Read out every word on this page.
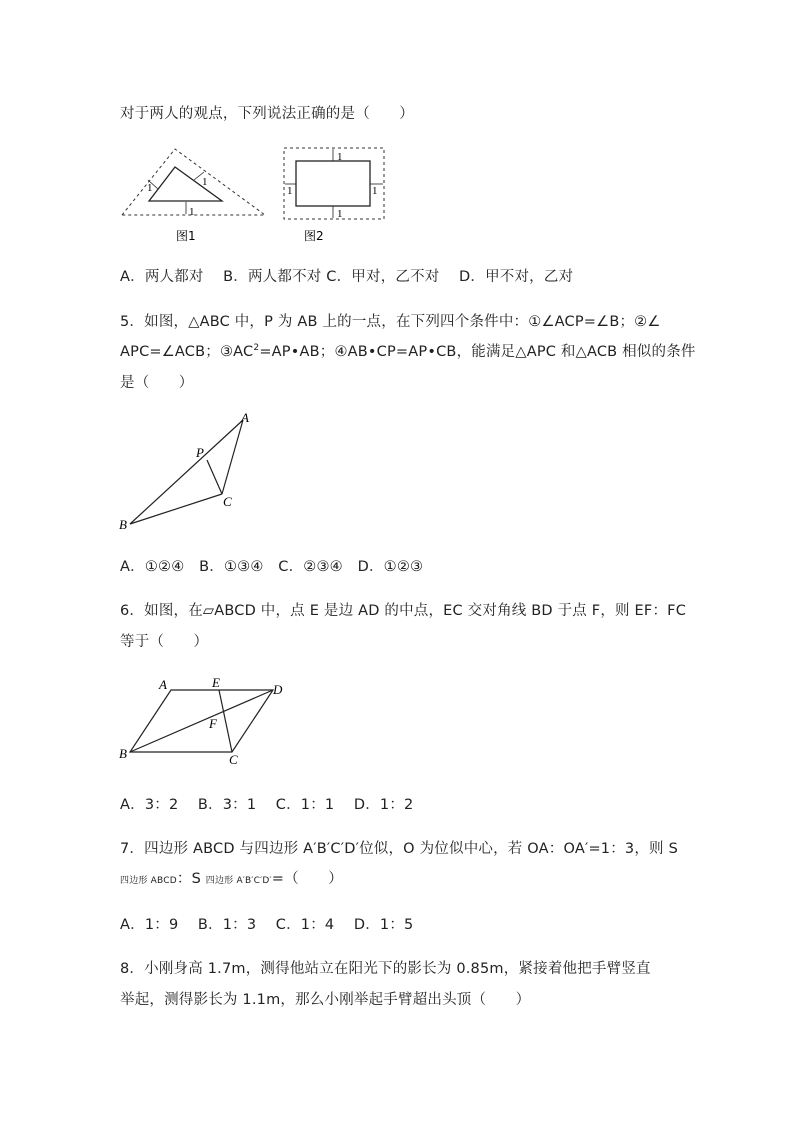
对于两人的观点，下列说法正确的是（　　）
1	1
1
图1
1
1
1	1
图2
A．两人都对　 B．两人都不对 C．甲对，乙不对　 D．甲不对，乙对
5．如图，△ABC 中，P 为 AB 上的一点，在下列四个条件中：①∠ACP=∠B；②∠
APC=∠ACB；$③AC^2=AP•AB$；④AB•CP=AP•CB，能满足△APC 和△ACB 相似的条件
是（　　）
A
P
C
B
A．①②④　B．①③④　C．②③④　D．①②③
6．如图，在▱ABCD 中，点 E 是边 AD 的中点，EC 交对角线 BD 于点 F，则 EF：FC
等于（　　）
A	E	D
F
B	C
A．3：2　 B．3：1　 C．1：1　 D．1：2
7．四边形 ABCD 与四边形 A′B′C′D′位似，O 为位似中心，若 OA：OA′=1：3，则 S
四边形 ABCD：S 四边形 A′B′C′D′=（　　）
A．1：9　 B．1：3　 C．1：4　 D．1：5
8．小刚身高 1.7m，测得他站立在阳光下的影长为 0.85m，紧接着他把手臂竖直
举起，测得影长为 1.1m，那么小刚举起手臂超出头顶（　　）
